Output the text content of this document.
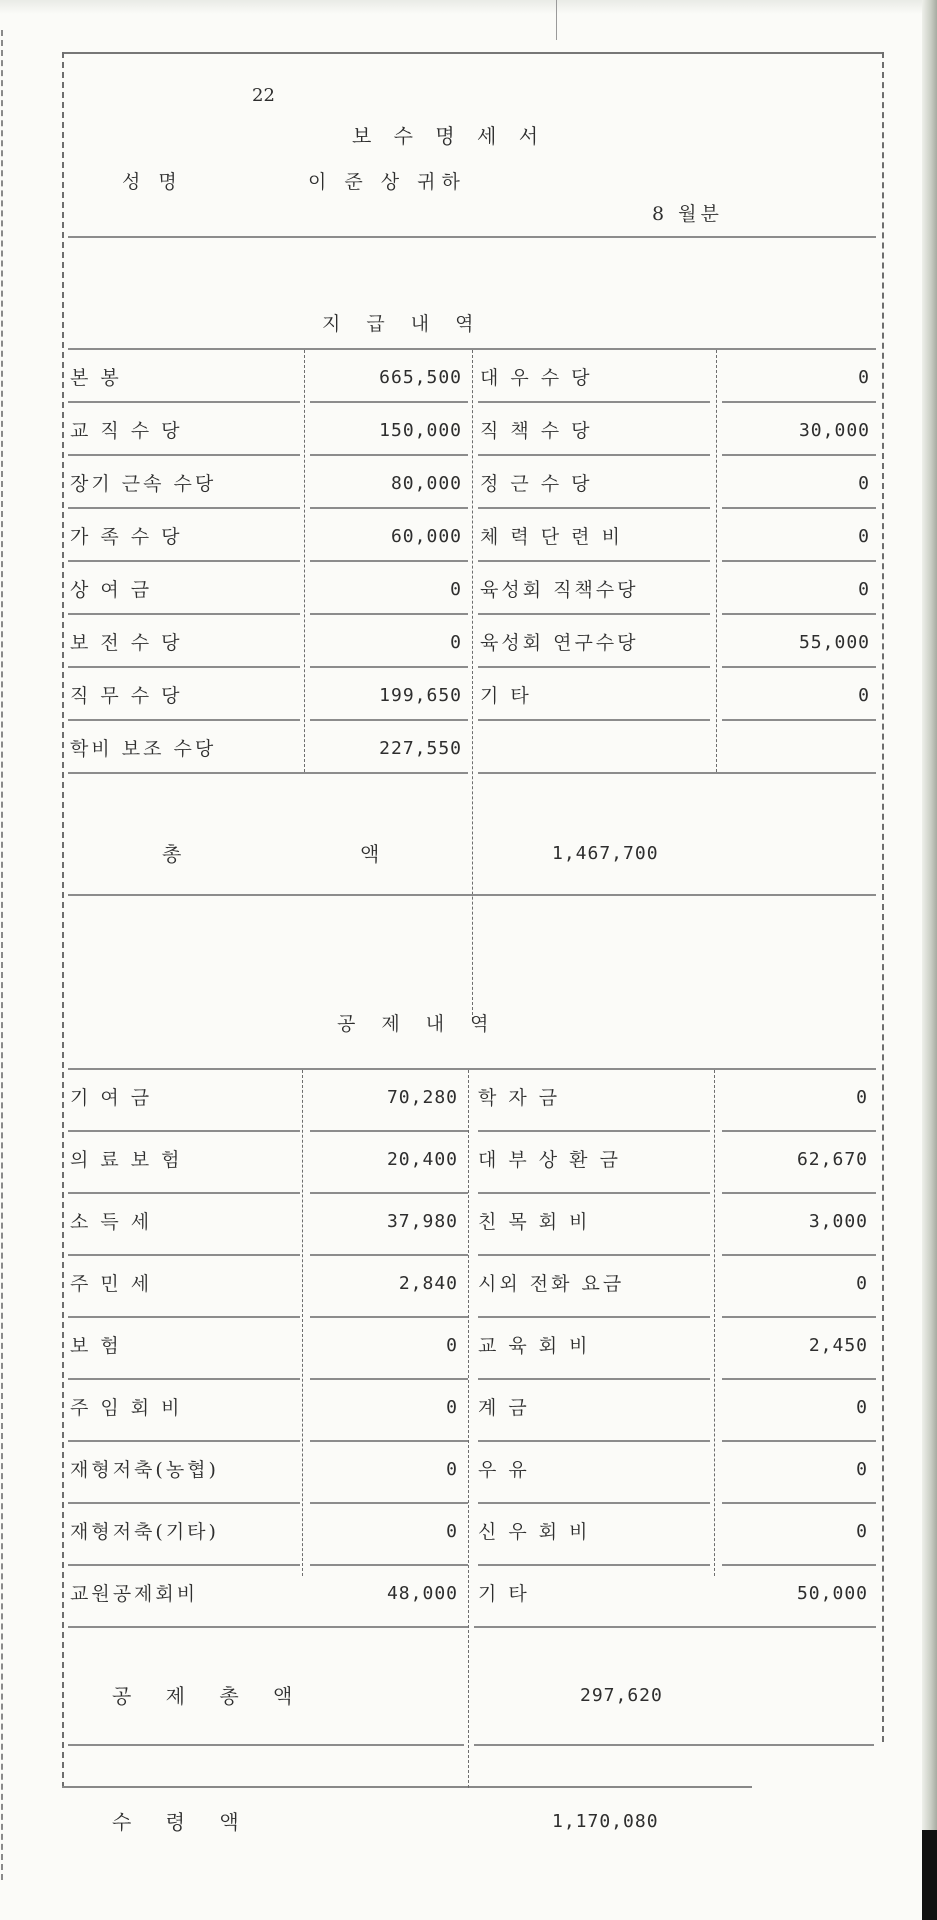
22
보 수 명 세 서
성 명	이 준 상 귀하
8 월분
지 급 내 역
본 봉	665,500 대 우 수 당	0
교 직 수 당	150,000 직 책 수 당	30,000
장기 근속 수당	80,000 정 근 수 당	0
가 족 수 당	60,000 체 력 단 련 비	0
상 여 금	0 육성회 직책수당	0
보 전 수 당	0 육성회 연구수당	55,000
직 무 수 당	199,650 기 타	0
학비 보조 수당	227,550
총	액	1,467,700
공 제 내 역
기 여 금	70,280 학 자 금	0
의 료 보 험	20,400 대 부 상 환 금	62,670
소 득 세	37,980 친 목 회 비	3,000
주 민 세	2,840 시외 전화 요금	0
보 험	0 교 육 회 비	2,450
주 임 회 비	0 계 금	0
재형저축(농협)	0 우 유	0
재형저축(기타)	0 신 우 회 비	0
교원공제회비	48,000 기 타	50,000
공 제 총 액	297,620
수 령 액	1,170,080
